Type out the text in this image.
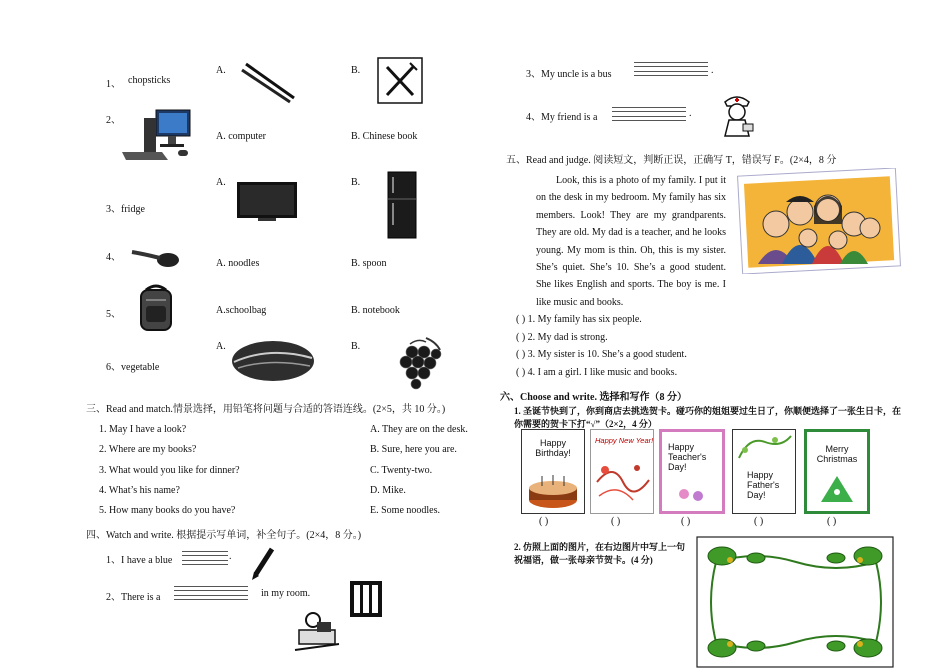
1、 chopsticks
A.	B.
2、
A. computer	B. Chinese book
3、fridge
A.	B.
4、
A. noodles	B. spoon
5、	A.schoolbag	B. notebook
6、vegetable
A.	B.
三、Read and match.情景选择，用铅笔将问题与合适的答语连线。(2×5，共 10 分。)
1. May I have a look?
2. Where are my books?
3. What would you like for dinner?
4. What’s his name?
5. How many books do you have?
A. They are on the desk.
B. Sure, here you are.
C. Twenty-two.
D. Mike.
E. Some noodles.
四、Watch and write. 根据提示写单词，补全句子。(2×4，8 分。)
1、I have a blue	.
2、There is a	in my room.
3、My uncle is a bus	.
4、My friend is a	.
五、Read and judge. 阅读短文，判断正误，正确写 T，错误写 F。(2×4，8 分
Look, this is a photo of my family. I put it on the desk in my bedroom. My family has six members. Look! They are my grandparents. They are old. My dad is a teacher, and he looks young. My mom is thin. Oh, this is my sister. She’s quiet. She’s 10. She’s a good student. She likes English and sports. The boy is me. I like music and books.
( ) 1. My family has six people.
( ) 2. My dad is strong.
( ) 3. My sister is 10. She’s a good student.
( ) 4. I am a girl. I like music and books.
六、Choose and write. 选择和写作（8 分）
1. 圣诞节快到了，你到商店去挑选贺卡。碰巧你的姐姐要过生日了，你顺便选择了一张生日卡，在你需要的贺卡下打“√”（2×2，4 分）
Happy Birthday!
Happy New Year!
Happy Teacher's Day!
Happy Father's Day!
Merry Christmas
( )	( )	( )	( )	( )
2. 仿照上面的图片，在右边图片中写上一句祝福语，做一张母亲节贺卡。(4 分)
